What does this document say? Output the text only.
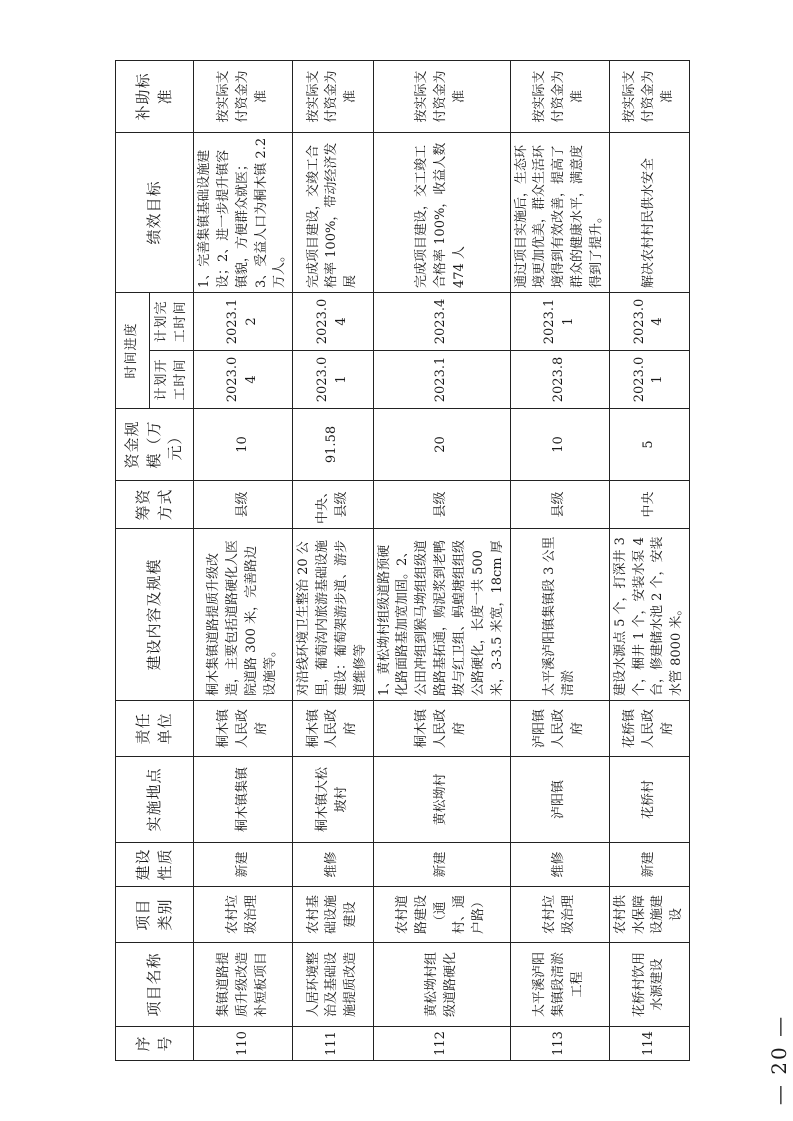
序号	项目名称	项目类别	建设性质	实施地点	责任单位	建设内容及规模	筹资方式	资金规模（万元）	时间进度		绩效目标	补助标准
									计划开工时间	计划完工时间		
110	集镇道路提质升级改造补短板项目	农村垃圾治理	新建	桐木镇集镇	桐木镇人民政府	桐木集镇道路提质升级改造，主要包括道路硬化人医院道路 300 米，完善路边设施等。	县级	10	2023.04	2023.12	1、完善集镇基础设施建设；2、进一步提升镇容镇貌，方便群众就医；3、受益人口为桐木镇 2.2 万人。	按实际支付资金为准
111	人居环境整治及基础设施提质改造	农村基础设施建设	维修	桐木镇大松坡村	桐木镇人民政府	对沿线环境卫生整治 20 公里，葡萄沟内旅游基础设施建设：葡萄架游步道、游步道维修等	中央、县级	91.58	2023.01	2023.04	完成项目建设，交竣工合格率 100%，带动经济发展	按实际支付资金为准
112	黄松坳村组级道路硬化	农村道路建设（通村、通户路）	新建	黄松坳村	桐木镇人民政府	1、黄松坳村组级道路预硬化路面路基加宽加固。2、公田冲组到猴马坳组组级道路路基拓通，购泥浆到老鸭坡与红卫组、蚂蝗塘组组级公路硬化，长度一共 500 米，3-3.5 米宽，18cm 厚	县级	20	2023.1	2023.4	完成项目建设，交工竣工合格率 100%，收益人数 474 人	按实际支付资金为准
113	太平溪泸阳集镇段清淤工程	农村垃圾治理	维修	泸阳镇	泸阳镇人民政府	太平溪泸阳镇集镇段 3 公里清淤	县级	10	2023.8	2023.11	通过项目实施后，生态环境更加优美，群众生活环境得到有效改善，提高了群众的健康水平，满意度得到了提升。	按实际支付资金为准
114	花桥村饮用水源建设	农村供水保障设施建设	新建	花桥村	花桥镇人民政府	建设水源点 5 个，打深井 3 个，梱井 1 个，安装水泵 4 台，修建储水池 2 个，安装水管 8000 米。	中央	5	2023.01	2023.04	解决农村村民供水安全	按实际支付资金为准
— 20 —
